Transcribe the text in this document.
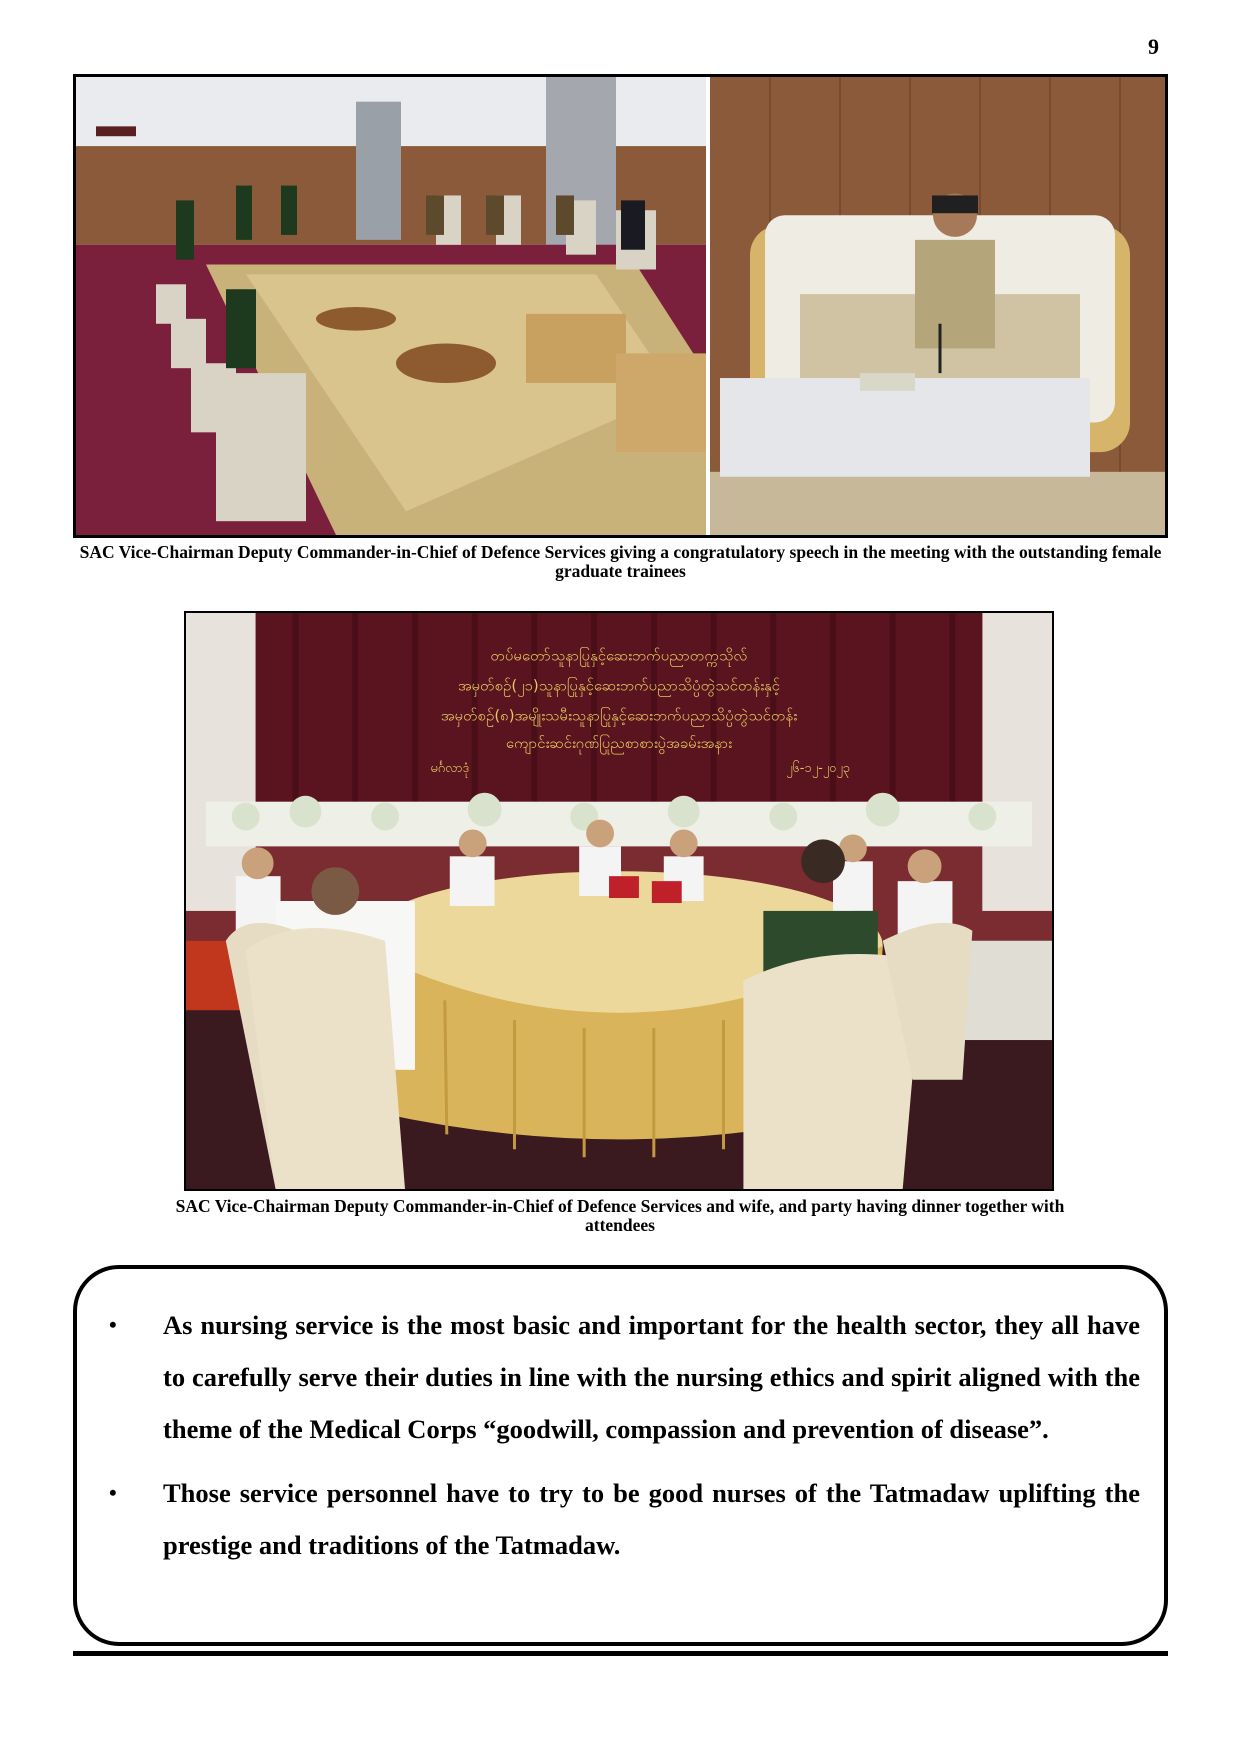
9
SAC Vice-Chairman Deputy Commander-in-Chief of Defence Services giving a congratulatory speech in the meeting with the outstanding female graduate trainees
တပ်မတော်သူနာပြုနှင့်ဆေးဘက်ပညာတက္ကသိုလ်
အမှတ်စဉ်(၂၁)သူနာပြုနှင့်ဆေးဘက်ပညာသိပ္ပံတွဲသင်တန်းနှင့်
အမှတ်စဉ်(၈)အမျိုးသမီးသူနာပြုနှင့်ဆေးဘက်ပညာသိပ္ပံတွဲသင်တန်း
ကျောင်းဆင်းဂုဏ်ပြုညစာစားပွဲအခမ်းအနား
မင်္ဂလာဒုံ	၂၆-၁၂-၂၀၂၃
SAC Vice-Chairman Deputy Commander-in-Chief of Defence Services and wife, and party having dinner together with attendees
• As nursing service is the most basic and important for the health sector, they all have to carefully serve their duties in line with the nursing ethics and spirit aligned with the theme of the Medical Corps “goodwill, compassion and prevention of disease”.
• Those service personnel have to try to be good nurses of the Tatmadaw uplifting the prestige and traditions of the Tatmadaw.
